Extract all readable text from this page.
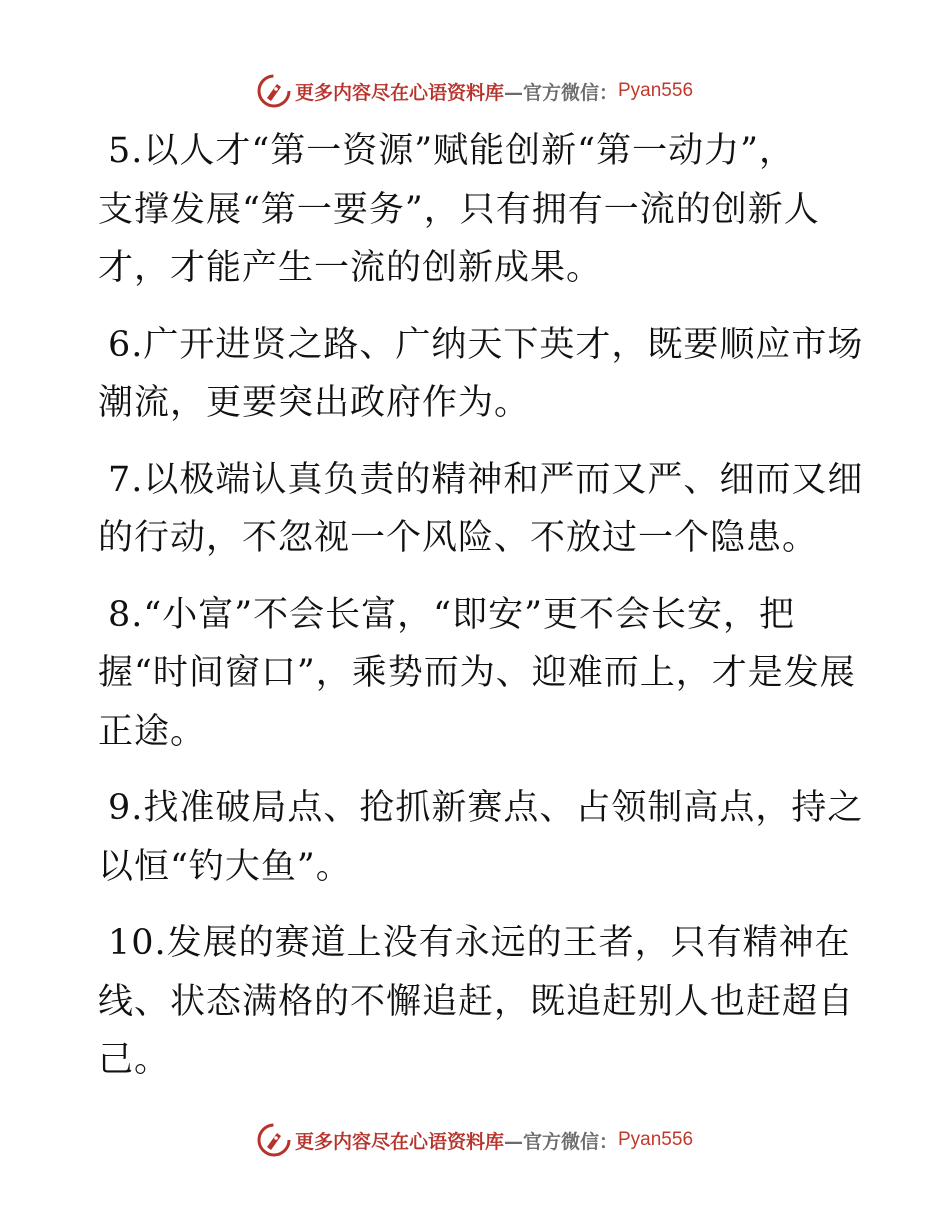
更多内容尽在心语资料库 —官方微信： Pyan556
5.以人才“第一资源”赋能创新“第一动力”，
支撑发展“第一要务”，只有拥有一流的创新人
才，才能产生一流的创新成果。
6.广开进贤之路、广纳天下英才，既要顺应市场
潮流，更要突出政府作为。
7.以极端认真负责的精神和严而又严、细而又细
的行动，不忽视一个风险、不放过一个隐患。
8.“小富”不会长富，“即安”更不会长安，把
握“时间窗口”，乘势而为、迎难而上，才是发展
正途。
9.找准破局点、抢抓新赛点、占领制高点，持之
以恒“钓大鱼”。
10.发展的赛道上没有永远的王者，只有精神在
线、状态满格的不懈追赶，既追赶别人也赶超自
己。
更多内容尽在心语资料库 —官方微信： Pyan556
